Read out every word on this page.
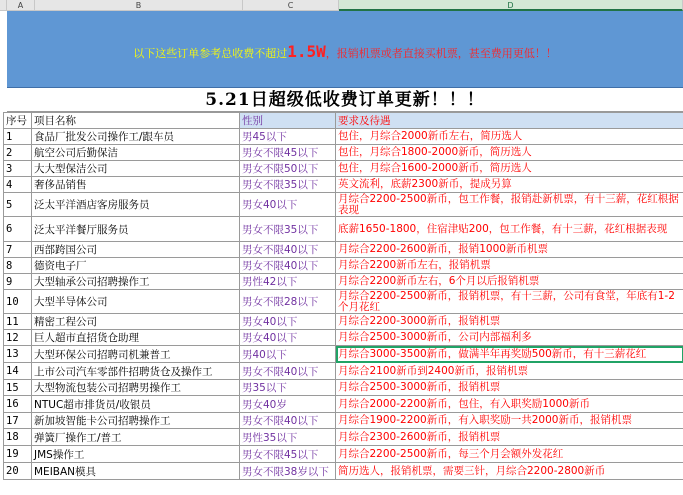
A	B	C	D
以下这些订单参考总收费不超过1.5W，报销机票或者直接买机票，甚至费用更低！！
5.21日超级低收费订单更新！！！
序号	项目名称	性别	要求及待遇
1	食品厂批发公司操作工/跟车员	男45以下	包住，月综合2000新币左右，简历选人
2	航空公司后勤保洁	男女不限45以下	包住，月综合1800-2000新币，简历选人
3	大大型保洁公司	男女不限50以下	包住，月综合1600-2000新币，简历选人
4	奢侈品销售	男女不限35以下	英文流利，底薪2300新币，提成另算
5	泛太平洋酒店客房服务员	男女40以下	月综合2200-2500新币，包工作餐，报销赴新机票，有十三薪，花红根据表现
6	泛太平洋餐厅服务员	男女不限35以下	底薪1650-1800，住宿津贴200，包工作餐，有十三薪，花红根据表现
7	西部跨国公司	男女不限40以下	月综合2200-2600新币，报销1000新币机票
8	德资电子厂	男女不限40以下	月综合2200新币左右，报销机票
9	大型轴承公司招聘操作工	男性42以下	月综合2200新币左右，6个月以后报销机票
10	大型半导体公司	男女不限28以下	月综合2200-2500新币，报销机票，有十三薪，公司有食堂，年底有1-2个月花红
11	精密工程公司	男女40以下	月综合2200-3000新币，报销机票
12	巨人超市直招货仓助理	男女40以下	月综合2500-3000新币，公司内部福利多
13	大型环保公司招聘司机兼普工	男40以下	月综合3000-3500新币，做满半年再奖励500新币，有十三薪花红
14	上市公司汽车零部件招聘货仓及操作工	男女不限40以下	月综合2100新币到2400新币，报销机票
15	大型物流包装公司招聘男操作工	男35以下	月综合2500-3000新币，报销机票
16	NTUC超市排货员/收银员	男女40岁	月综合2000-2200新币，包住，有入职奖励1000新币
17	新加坡智能卡公司招聘操作工	男女不限40以下	月综合1900-2200新币，有入职奖励一共2000新币，报销机票
18	弹簧厂操作工/普工	男性35以下	月综合2300-2600新币，报销机票
19	JMS操作工	男女不限45以下	月综合2200-2500新币，每三个月会额外发花红
20	MEIBAN模具	男女不限38岁以下	简历选人，报销机票，需要三针，月综合2200-2800新币
